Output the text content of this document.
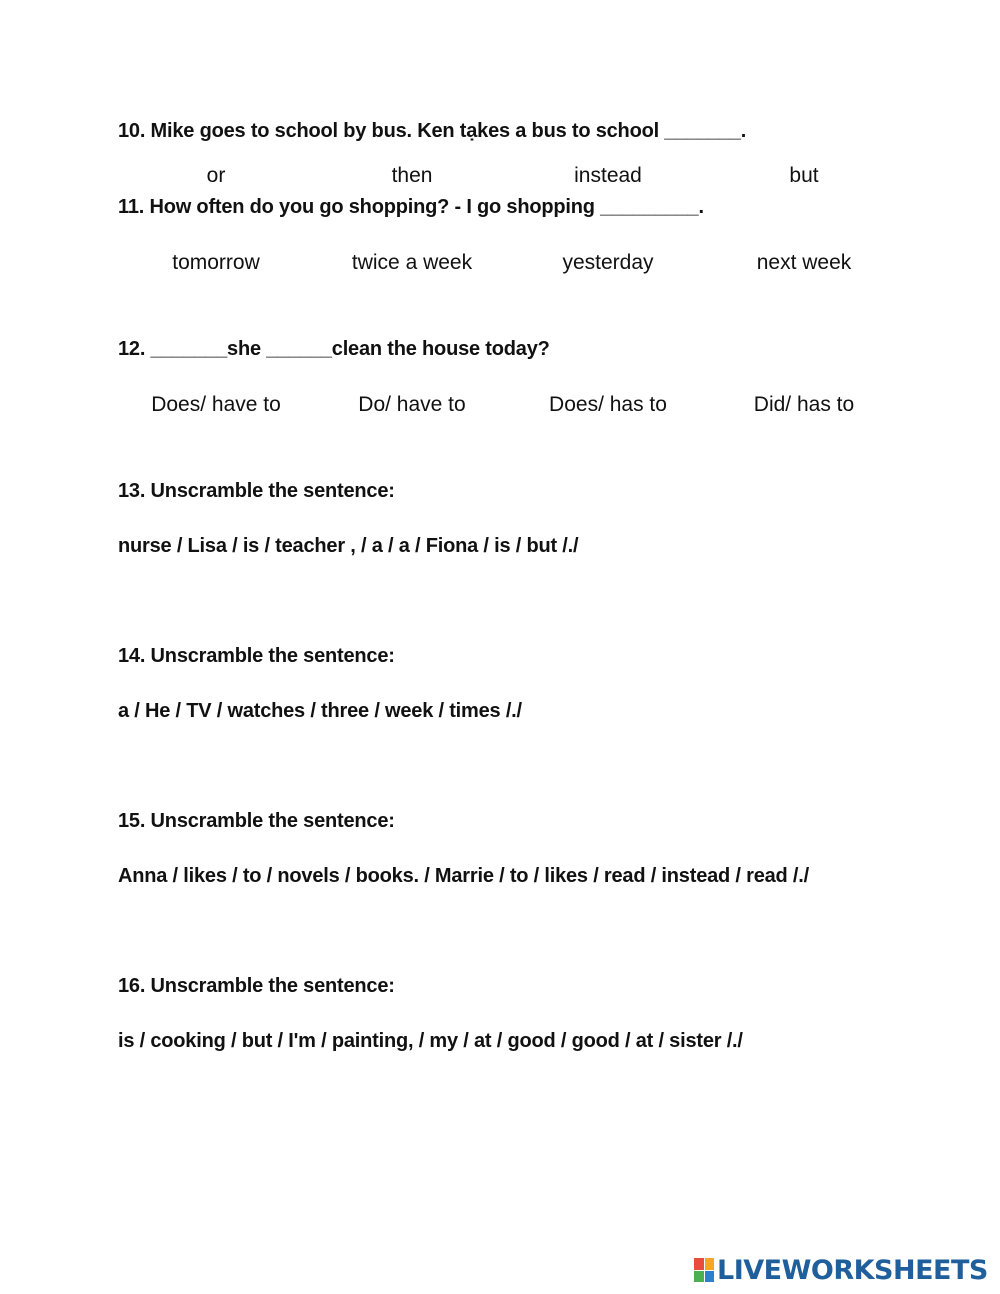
10. Mike goes to school by bus. Ken tạkes a bus to school _______.
or	then	instead	but
11. How often do you go shopping? - I go shopping _________.
tomorrow	twice a week	yesterday	next week
12. _______she ______clean the house today?
Does/ have to	Do/ have to	Does/ has to	Did/ has to
13. Unscramble the sentence:
nurse / Lisa / is / teacher , / a / a / Fiona / is / but /./
14. Unscramble the sentence:
a / He / TV / watches / three / week / times /./
15. Unscramble the sentence:
Anna / likes / to / novels / books. / Marrie / to / likes / read / instead / read /./
16. Unscramble the sentence:
is / cooking / but / I'm / painting, / my / at / good / good / at / sister /./
LIVEWORKSHEETS
